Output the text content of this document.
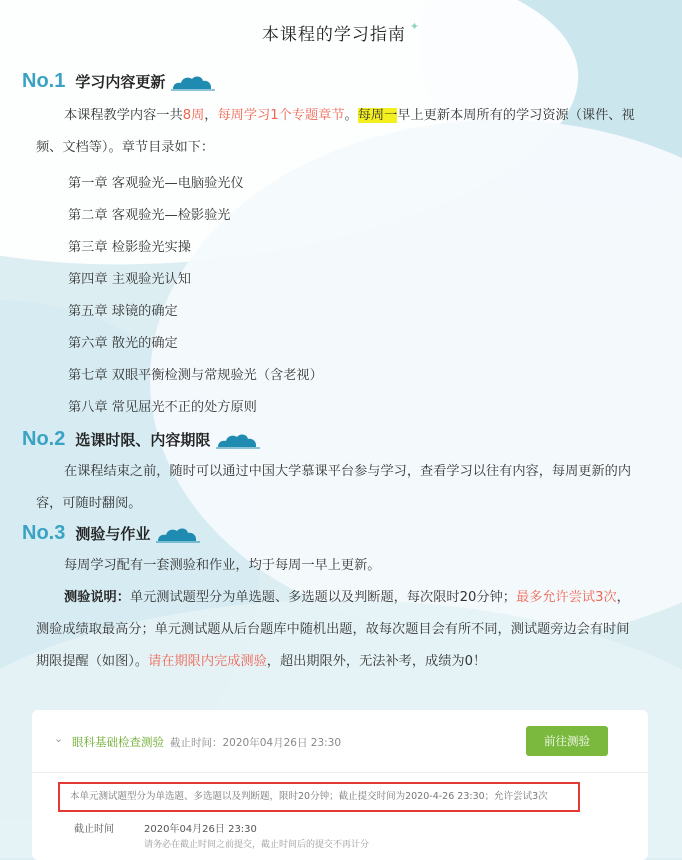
本课程的学习指南 ✦
No.1 学习内容更新
本课程教学内容一共8周，每周学习1个专题章节。每周一早上更新本周所有的学习资源（课件、视频、文档等）。章节目录如下：
第一章 客观验光—电脑验光仪
第二章 客观验光—检影验光
第三章 检影验光实操
第四章 主观验光认知
第五章 球镜的确定
第六章 散光的确定
第七章 双眼平衡检测与常规验光（含老视）
第八章 常见屈光不正的处方原则
No.2 选课时限、内容期限
在课程结束之前，随时可以通过中国大学慕课平台参与学习，查看学习以往有内容，每周更新的内容，可随时翻阅。
No.3 测验与作业
每周学习配有一套测验和作业，均于每周一早上更新。
测验说明：单元测试题型分为单选题、多选题以及判断题，每次限时20分钟；最多允许尝试3次，测验成绩取最高分；单元测试题从后台题库中随机出题，故每次题目会有所不同，测试题旁边会有时间期限提醒（如图）。请在期限内完成测验，超出期限外，无法补考，成绩为0！
⌄ 眼科基础检查测验 截止时间：2020年04月26日 23:30	前往测验
本单元测试题型分为单选题、多选题以及判断题，限时20分钟；截止提交时间为2020-4-26 23:30；允许尝试3次
截止时间	2020年04月26日 23:30
请务必在截止时间之前提交，截止时间后的提交不再计分
